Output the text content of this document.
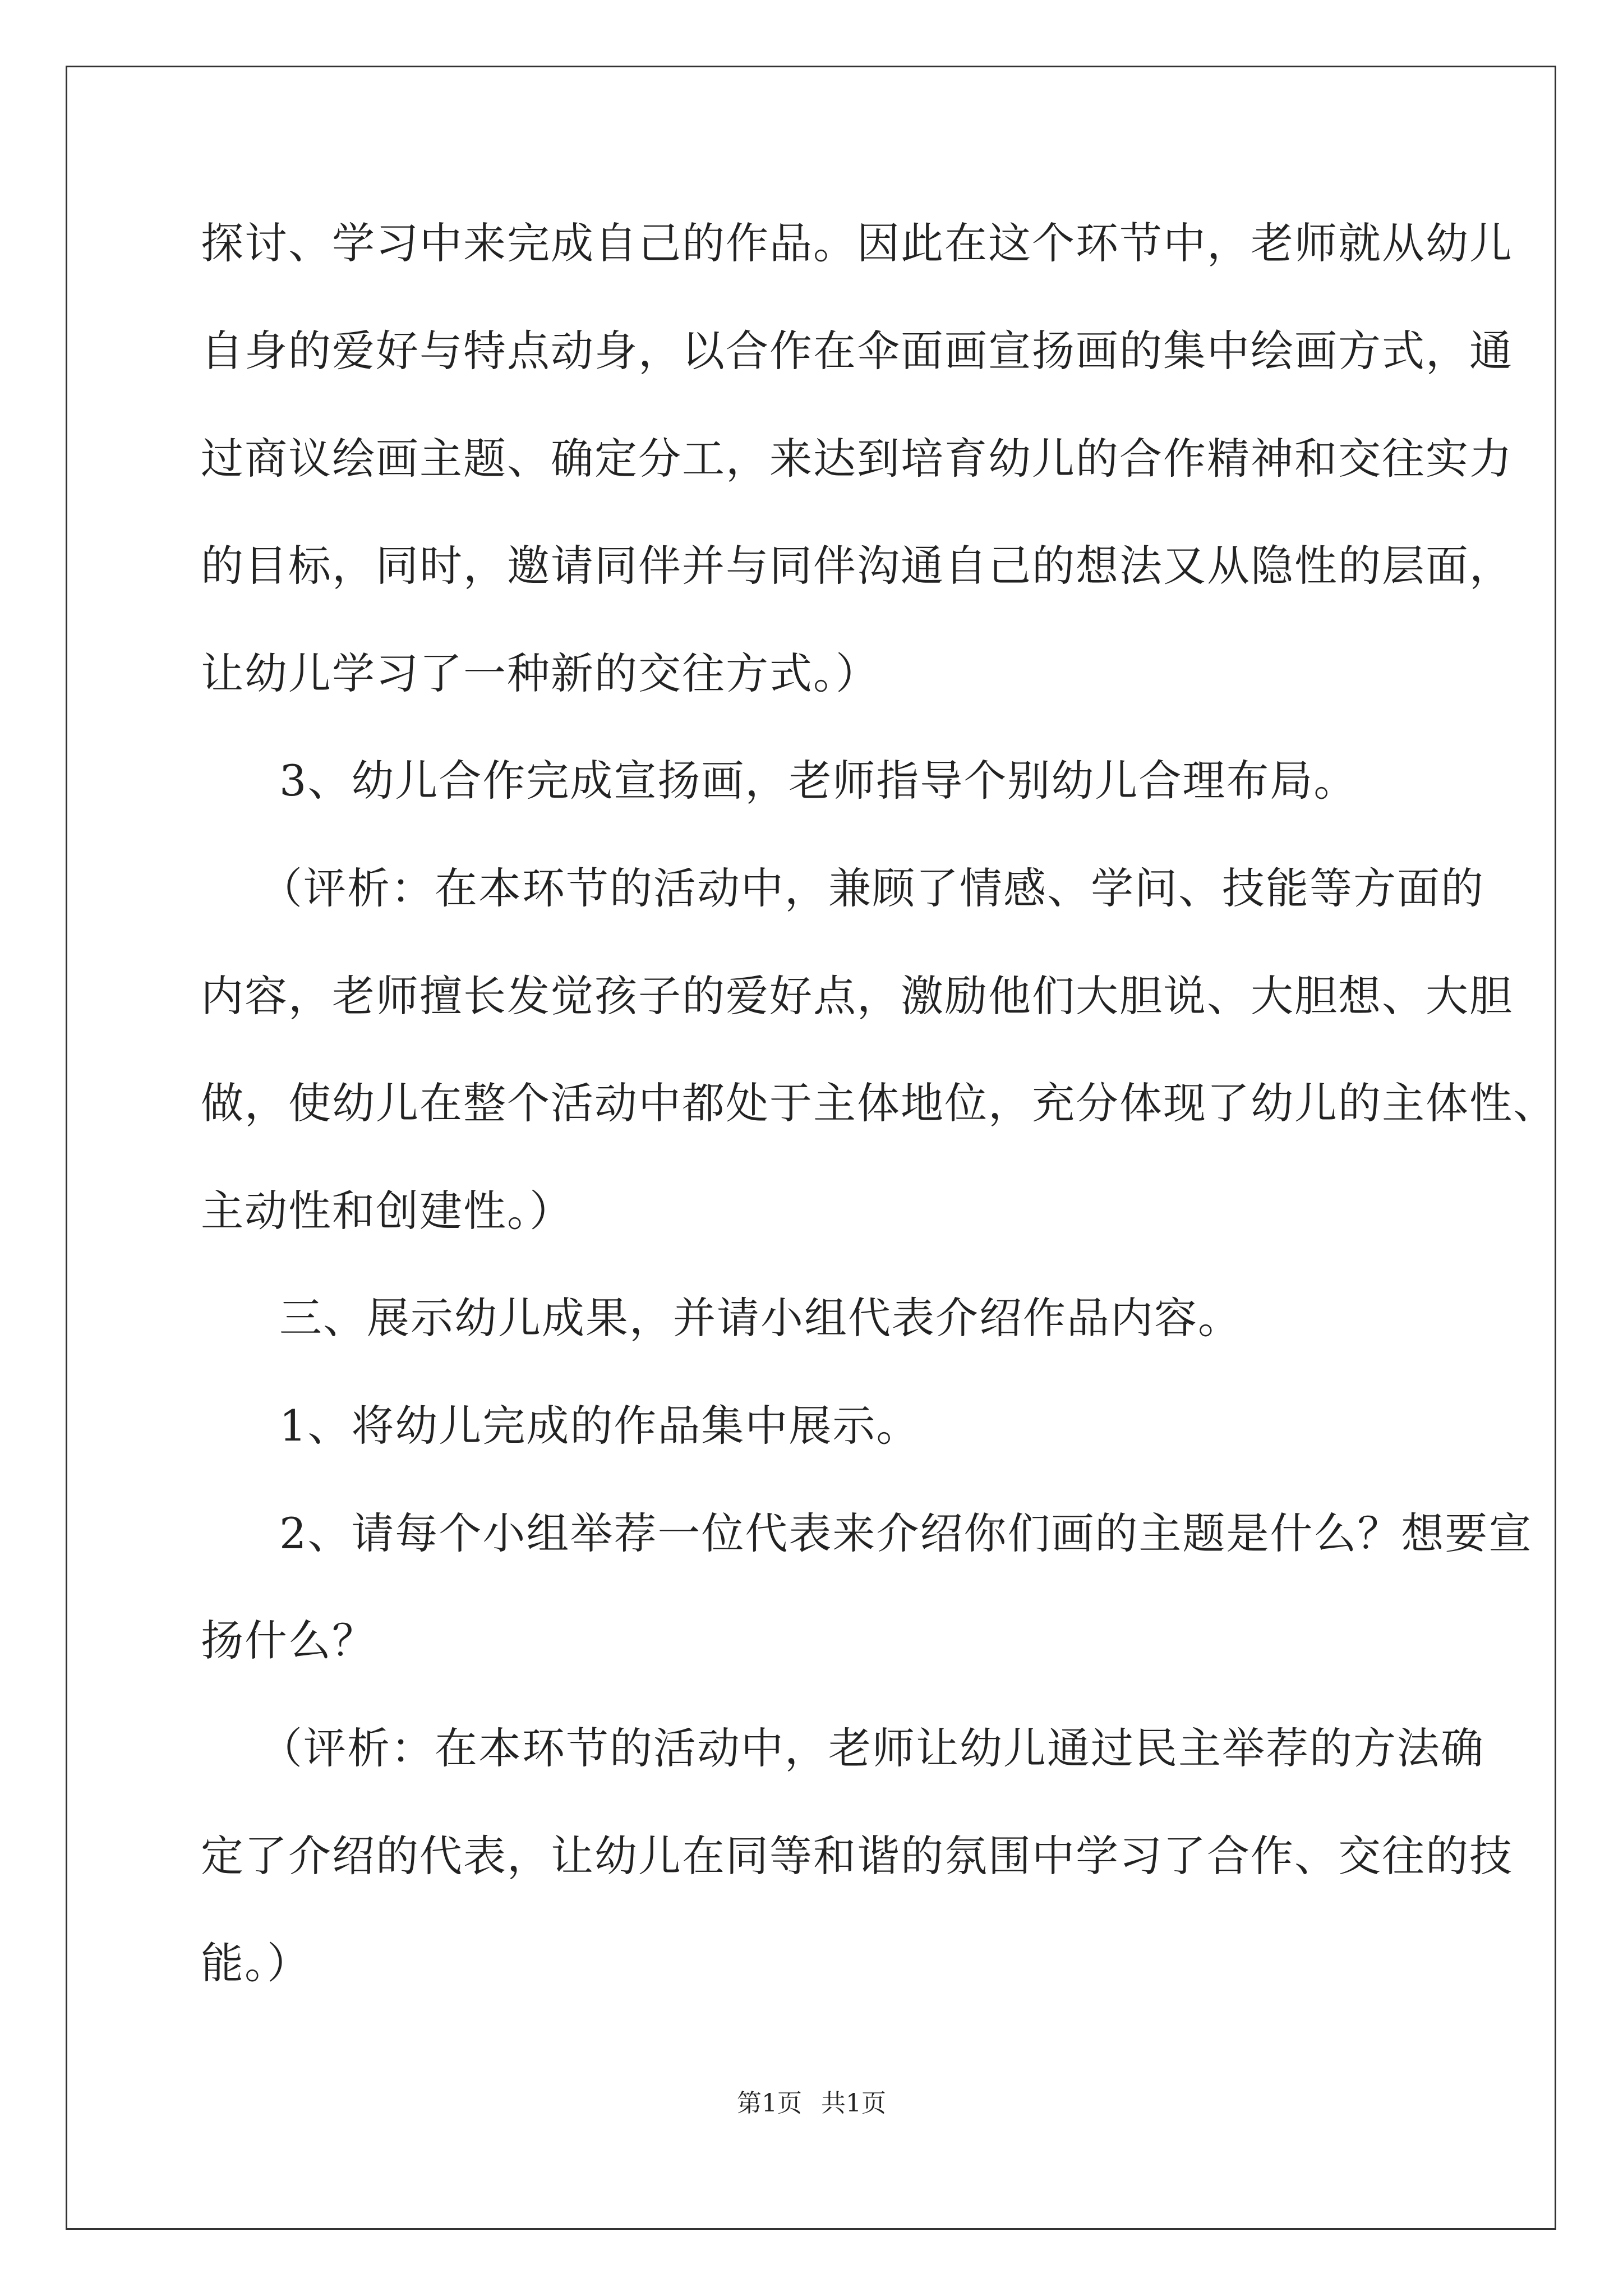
探讨、学习中来完成自己的作品。因此在这个环节中，老师就从幼儿
自身的爱好与特点动身，以合作在伞面画宣扬画的集中绘画方式，通
过商议绘画主题、确定分工，来达到培育幼儿的合作精神和交往实力
的目标，同时，邀请同伴并与同伴沟通自己的想法又从隐性的层面，
让幼儿学习了一种新的交往方式。）
3、幼儿合作完成宣扬画，老师指导个别幼儿合理布局。
（评析：在本环节的活动中，兼顾了情感、学问、技能等方面的
内容，老师擅长发觉孩子的爱好点，激励他们大胆说、大胆想、大胆
做，使幼儿在整个活动中都处于主体地位，充分体现了幼儿的主体性、
主动性和创建性。）
三、展示幼儿成果，并请小组代表介绍作品内容。
1、将幼儿完成的作品集中展示。
2、请每个小组举荐一位代表来介绍你们画的主题是什么？想要宣
扬什么？
（评析：在本环节的活动中，老师让幼儿通过民主举荐的方法确
定了介绍的代表，让幼儿在同等和谐的氛围中学习了合作、交往的技
能。）
第1页 共1页
